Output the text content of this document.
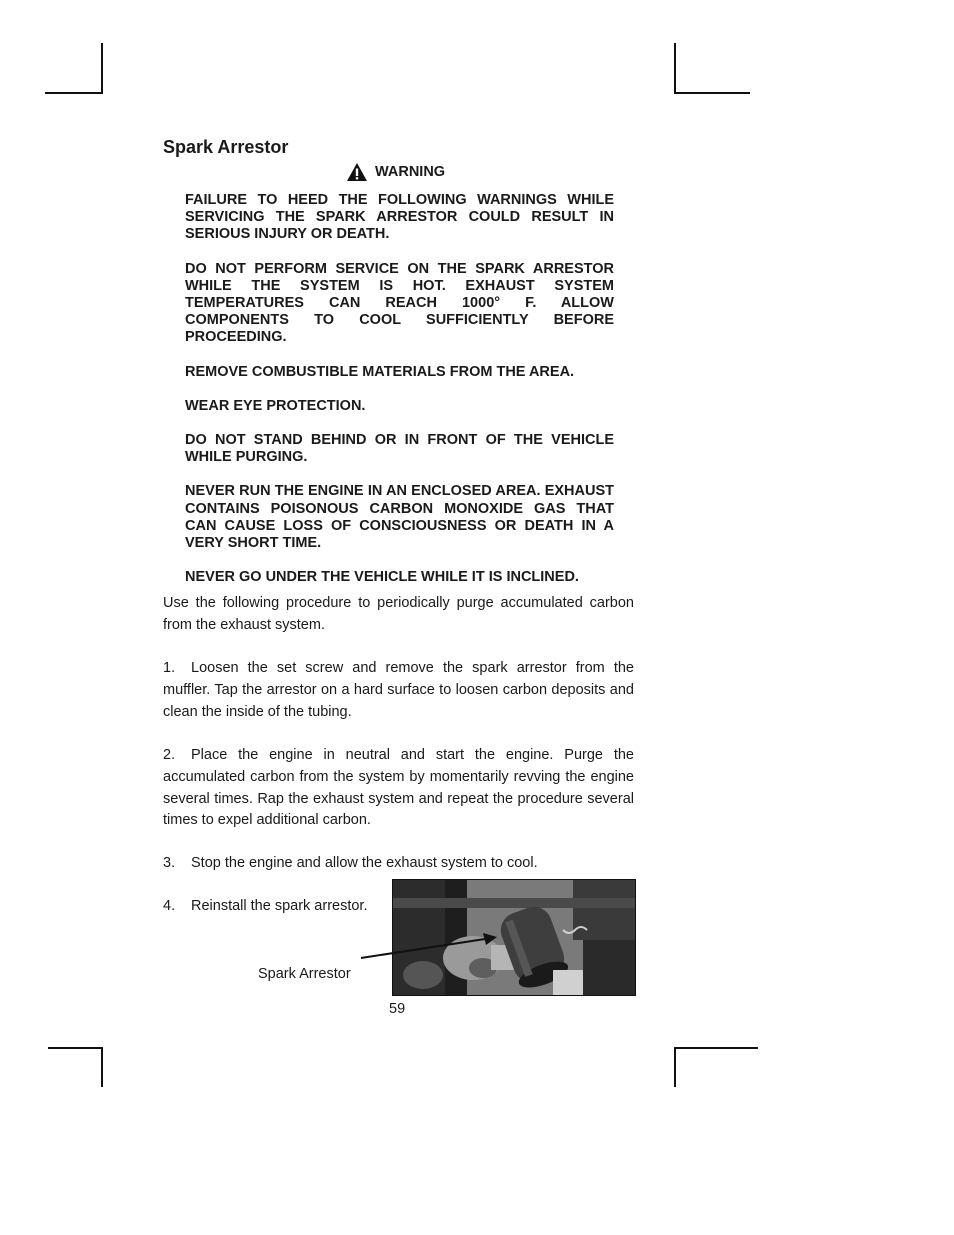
Spark Arrestor
WARNING

FAILURE TO HEED THE FOLLOWING WARNINGS WHILE SERVICING THE SPARK ARRESTOR COULD RESULT IN SERIOUS INJURY OR DEATH.

DO NOT PERFORM SERVICE ON THE SPARK ARRESTOR WHILE THE SYSTEM IS HOT. EXHAUST SYSTEM TEMPERATURES CAN REACH 1000° F. ALLOW COMPONENTS TO COOL SUFFICIENTLY BEFORE PROCEEDING.

REMOVE COMBUSTIBLE MATERIALS FROM THE AREA.

WEAR EYE PROTECTION.

DO NOT STAND BEHIND OR IN FRONT OF THE VEHICLE WHILE PURGING.

NEVER RUN THE ENGINE IN AN ENCLOSED AREA. EXHAUST CONTAINS POISONOUS CARBON MONOXIDE GAS THAT CAN CAUSE LOSS OF CONSCIOUSNESS OR DEATH IN A VERY SHORT TIME.

NEVER GO UNDER THE VEHICLE WHILE IT IS INCLINED.

Use the following procedure to periodically purge accumulated carbon from the exhaust system.

1. Loosen the set screw and remove the spark arrestor from the muffler. Tap the arrestor on a hard surface to loosen carbon deposits and clean the inside of the tubing.

2. Place the engine in neutral and start the engine. Purge the accumulated carbon from the system by momentarily revving the engine several times. Rap the exhaust system and repeat the procedure several times to expel additional carbon.

3. Stop the engine and allow the exhaust system to cool.

4. Reinstall the spark arrestor.

Spark Arrestor
59
